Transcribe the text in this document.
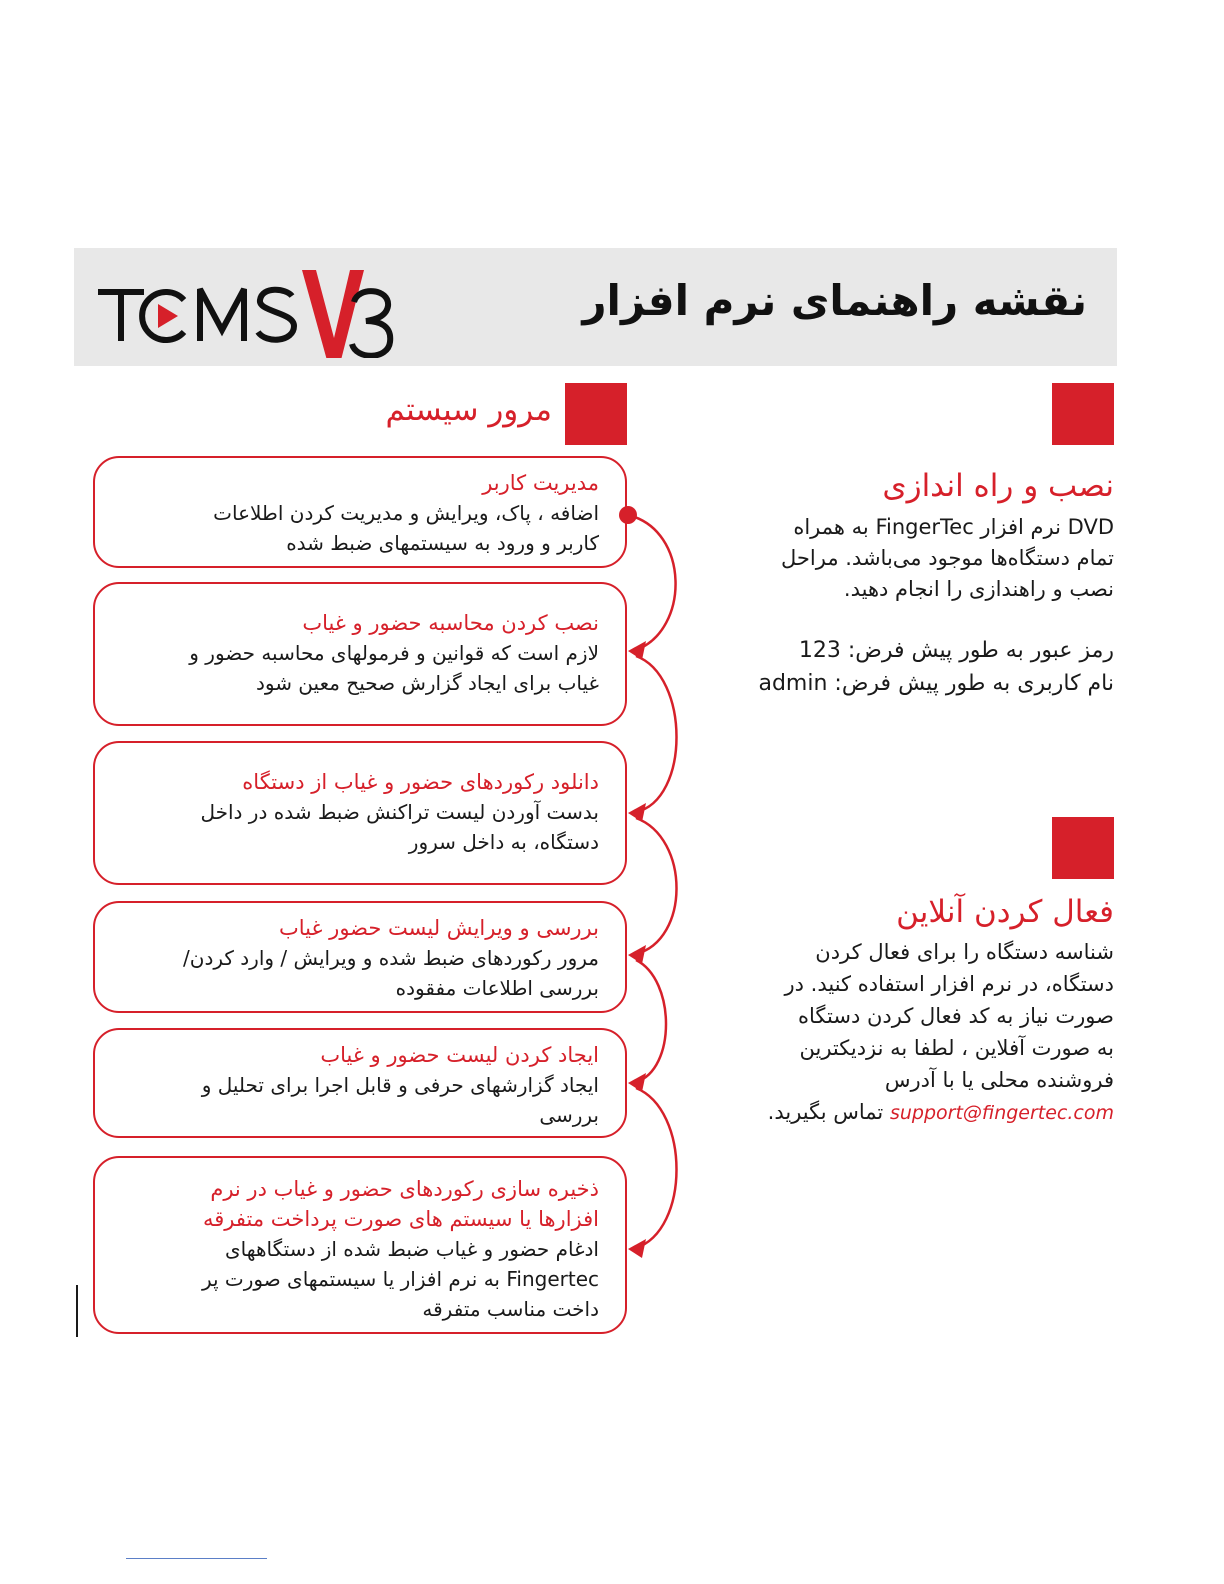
نقشه راهنمای نرم افزار
مرور سیستم
مدیریت کاربر
اضافه ، پاک، ویرایش و مدیریت کردن اطلاعات
کاربر و ورود به سیستمهای ضبط شده
نصب کردن محاسبه حضور و غیاب
لازم است که قوانین و فرمولهای محاسبه حضور و
غیاب برای ایجاد گزارش صحیح معین شود
دانلود رکوردهای حضور و غیاب از دستگاه
بدست آوردن لیست تراکنش ضبط شده در داخل
دستگاه، به داخل سرور
بررسی و ویرایش لیست حضور غیاب
مرور رکوردهای ضبط شده و ویرایش / وارد کردن/
بررسی اطلاعات مفقوده
ایجاد کردن لیست حضور و غیاب
ایجاد گزارشهای حرفی و قابل اجرا برای تحلیل و
بررسی
ذخیره سازی رکوردهای حضور و غیاب در نرم
افزارها یا سیستم های صورت پرداخت متفرقه
ادغام حضور و غیاب ضبط شده از دستگاههای
Fingertec به نرم افزار یا سیستمهای صورت پر
داخت مناسب متفرقه
نصب و راه اندازی
DVD نرم افزار FingerTec به همراه
تمام دستگاه‌ها موجود می‌باشد. مراحل
نصب و راهندازی را انجام دهید.
رمز عبور به طور پیش فرض: 123
نام کاربری به طور پیش فرض: admin
فعال کردن آنلاین
شناسه دستگاه را برای فعال کردن
دستگاه، در نرم افزار استفاده کنید. در
صورت نیاز به کد فعال کردن دستگاه
به صورت آفلاین ، لطفا به نزدیکترین
فروشنده محلی یا با آدرس
support@fingertec.com تماس بگیرید.
